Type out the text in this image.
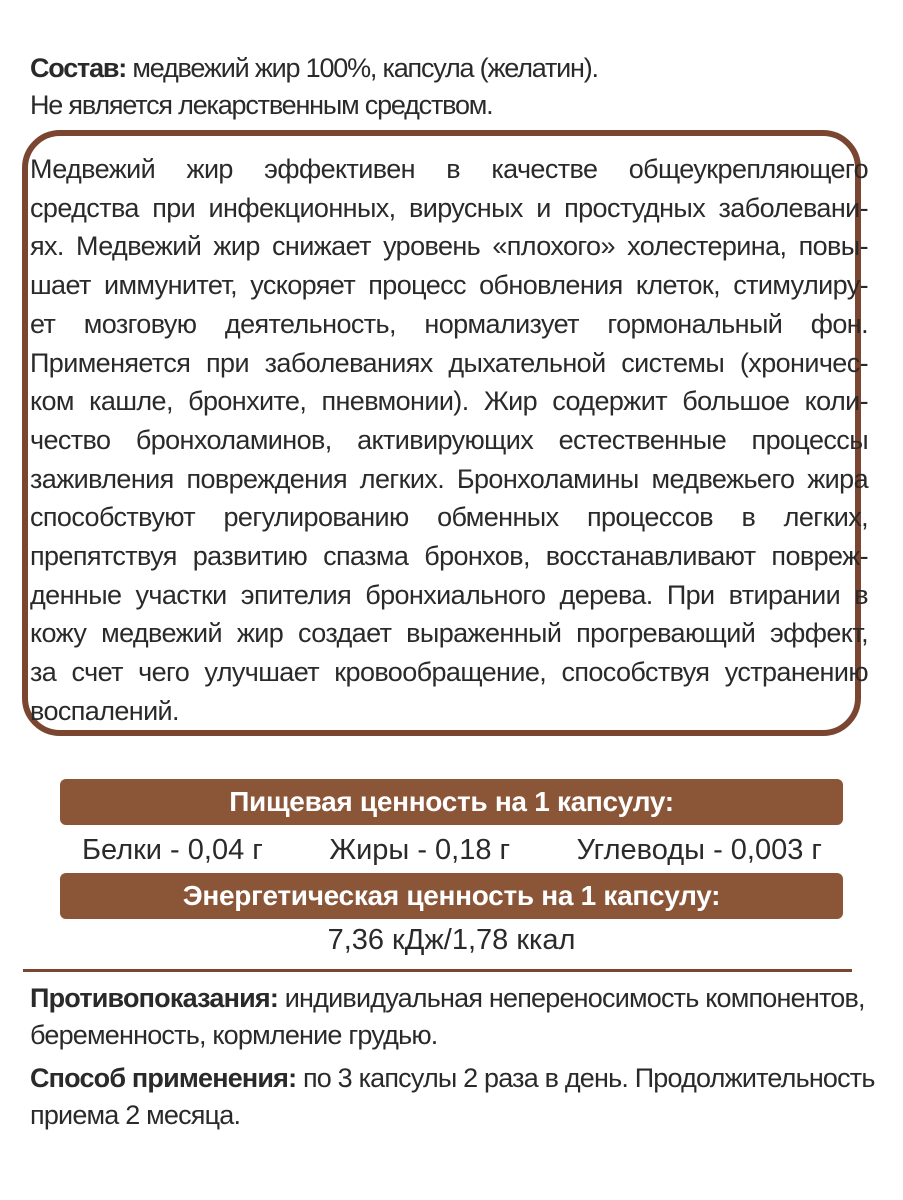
Состав: медвежий жир 100%, капсула (желатин).
Не является лекарственным средством.
Медвежий жир эффективен в качестве общеукрепляющего
средства при инфекционных, вирусных и простудных заболевани-
ях. Медвежий жир снижает уровень «плохого» холестерина, повы-
шает иммунитет, ускоряет процесс обновления клеток, стимулиру-
ет мозговую деятельность, нормализует гормональный фон.
Применяется при заболеваниях дыхательной системы (хроничес-
ком кашле, бронхите, пневмонии). Жир содержит большое коли-
чество бронхоламинов, активирующих естественные процессы
заживления повреждения легких. Бронхоламины медвежьего жира
способствуют регулированию обменных процессов в легких,
препятствуя развитию спазма бронхов, восстанавливают повреж-
денные участки эпителия бронхиального дерева. При втирании в
кожу медвежий жир создает выраженный прогревающий эффект,
за счет чего улучшает кровообращение, способствуя устранению
воспалений.
Пищевая ценность на 1 капсулу:
Белки - 0,04 г Жиры - 0,18 г Углеводы - 0,003 г
Энергетическая ценность на 1 капсулу:
7,36 кДж/1,78 ккал
Противопоказания: индивидуальная непереносимость компонентов,
беременность, кормление грудью.
Способ применения: по 3 капсулы 2 раза в день. Продолжительность
приема 2 месяца.
